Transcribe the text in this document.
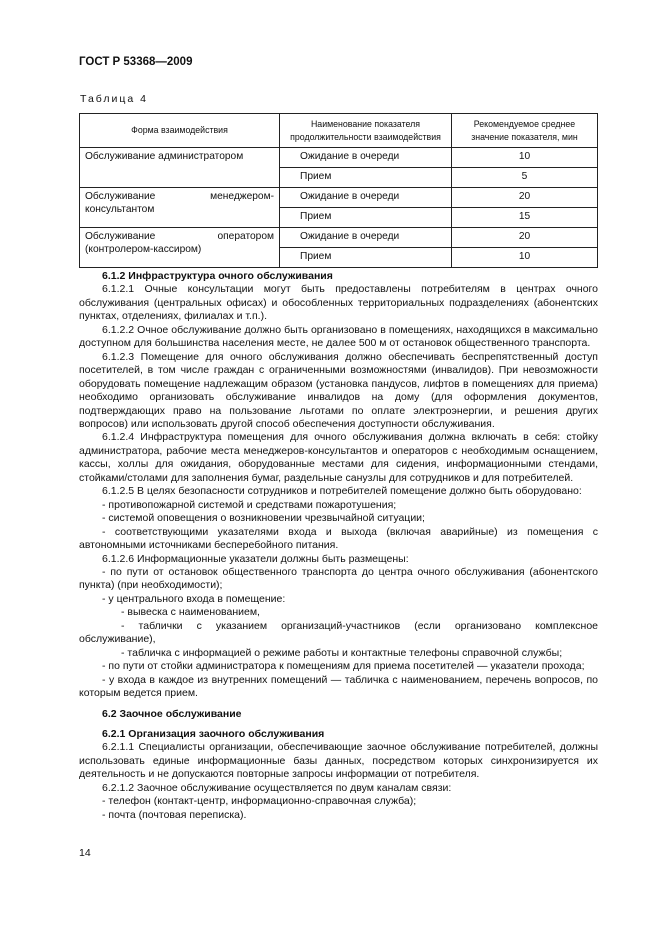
ГОСТ Р 53368—2009
Таблица 4
Форма взаимодействия	Наименование показателя продолжительности взаимодействия	Рекомендуемое среднее значение показателя, мин
Обслуживание администратором	Ожидание в очереди	10
	Прием	5
Обслуживание менеджером-консультантом	Ожидание в очереди	20
	Прием	15
Обслуживание оператором (контролером-кассиром)	Ожидание в очереди	20
	Прием	10

6.1.2 Инфраструктура очного обслуживания

6.1.2.1 Очные консультации могут быть предоставлены потребителям в центрах очного обслуживания (центральных офисах) и обособленных территориальных подразделениях (абонентских пунктах, отделениях, филиалах и т.п.).

6.1.2.2 Очное обслуживание должно быть организовано в помещениях, находящихся в максимально доступном для большинства населения месте, не далее 500 м от остановок общественного транспорта.

6.1.2.3 Помещение для очного обслуживания должно обеспечивать беспрепятственный доступ посетителей, в том числе граждан с ограниченными возможностями (инвалидов). При невозможности оборудовать помещение надлежащим образом (установка пандусов, лифтов в помещениях для приема) необходимо организовать обслуживание инвалидов на дому (для оформления документов, подтверждающих право на пользование льготами по оплате электроэнергии, и решения других вопросов) или использовать другой способ обеспечения доступности обслуживания.

6.1.2.4 Инфраструктура помещения для очного обслуживания должна включать в себя: стойку администратора, рабочие места менеджеров-консультантов и операторов с необходимым оснащением, кассы, холлы для ожидания, оборудованные местами для сидения, информационными стендами, стойками/столами для заполнения бумаг, раздельные санузлы для сотрудников и для потребителей.

6.1.2.5 В целях безопасности сотрудников и потребителей помещение должно быть оборудовано:

- противопожарной системой и средствами пожаротушения;

- системой оповещения о возникновении чрезвычайной ситуации;

- соответствующими указателями входа и выхода (включая аварийные) из помещения с автономными источниками бесперебойного питания.

6.1.2.6 Информационные указатели должны быть размещены:

- по пути от остановок общественного транспорта до центра очного обслуживания (абонентского пункта) (при необходимости);

- у центрального входа в помещение:

- вывеска с наименованием,

- таблички с указанием организаций-участников (если организовано комплексное обслуживание),

- табличка с информацией о режиме работы и контактные телефоны справочной службы;

- по пути от стойки администратора к помещениям для приема посетителей — указатели прохода;

- у входа в каждое из внутренних помещений — табличка с наименованием, перечень вопросов, по которым ведется прием.

6.2 Заочное обслуживание

6.2.1 Организация заочного обслуживания

6.2.1.1 Специалисты организации, обеспечивающие заочное обслуживание потребителей, должны использовать единые информационные базы данных, посредством которых синхронизируется их деятельность и не допускаются повторные запросы информации от потребителя.

6.2.1.2 Заочное обслуживание осуществляется по двум каналам связи:

- телефон (контакт-центр, информационно-справочная служба);

- почта (почтовая переписка).

14
